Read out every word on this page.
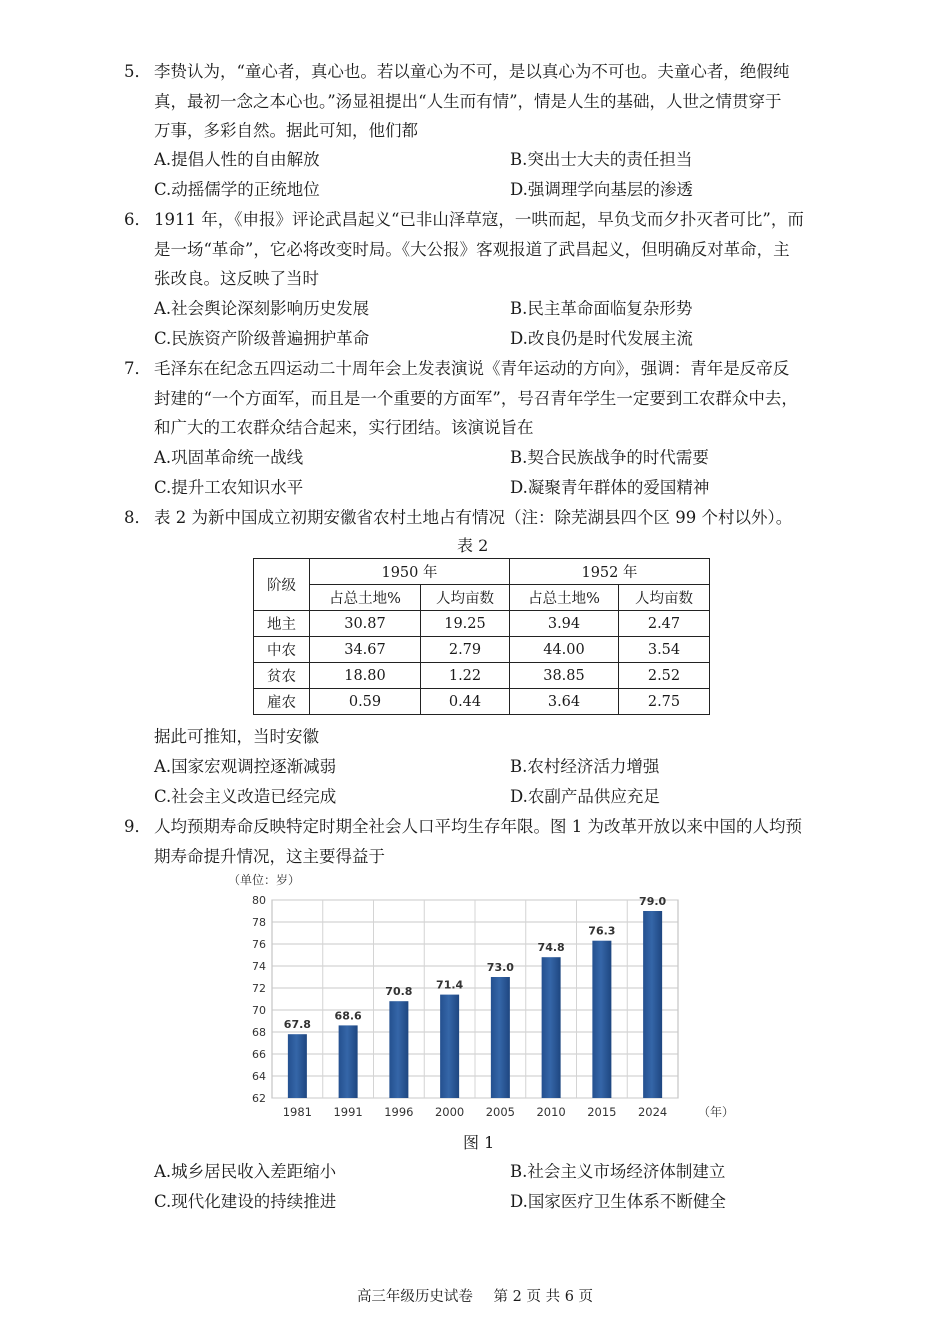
5． 李贽认为，“童心者，真心也。若以童心为不可，是以真心为不可也。夫童心者，绝假纯
真，最初一念之本心也。”汤显祖提出“人生而有情”，情是人生的基础，人世之情贯穿于
万事，多彩自然。据此可知，他们都
A.提倡人性的自由解放	B.突出士大夫的责任担当
C.动摇儒学的正统地位	D.强调理学向基层的渗透
6． 1911 年，《申报》评论武昌起义“已非山泽草寇，一哄而起，早负戈而夕扑灭者可比”，而
是一场“革命”，它必将改变时局。《大公报》客观报道了武昌起义，但明确反对革命，主
张改良。这反映了当时
A.社会舆论深刻影响历史发展	B.民主革命面临复杂形势
C.民族资产阶级普遍拥护革命	D.改良仍是时代发展主流
7． 毛泽东在纪念五四运动二十周年会上发表演说《青年运动的方向》，强调：青年是反帝反
封建的“一个方面军，而且是一个重要的方面军”，号召青年学生一定要到工农群众中去，
和广大的工农群众结合起来，实行团结。该演说旨在
A.巩固革命统一战线	B.契合民族战争的时代需要
C.提升工农知识水平	D.凝聚青年群体的爱国精神
8． 表 2 为新中国成立初期安徽省农村土地占有情况（注：除芜湖县四个区 99 个村以外）。
表 2
阶级	1950 年		1952 年	
	占总土地%	人均亩数	占总土地%	人均亩数
地主	30.87	19.25	3.94	2.47
中农	34.67	2.79	44.00	3.54
贫农	18.80	1.22	38.85	2.52
雇农	0.59	0.44	3.64	2.75
据此可推知，当时安徽
A.国家宏观调控逐渐减弱	B.农村经济活力增强
C.社会主义改造已经完成	D.农副产品供应充足
9． 人均预期寿命反映特定时期全社会人口平均生存年限。图 1 为改革开放以来中国的人均预
期寿命提升情况，这主要得益于
（单位：岁）
62
64
66
68
70
72
74
76
78
80
67.8
1981
68.6
1991
70.8
1996
71.4
2000
73.0
2005
74.8
2010
76.3
2015
79.0
2024	（年）
图 1
A.城乡居民收入差距缩小	B.社会主义市场经济体制建立
C.现代化建设的持续推进	D.国家医疗卫生体系不断健全
高三年级历史试卷 第 2 页 共 6 页
